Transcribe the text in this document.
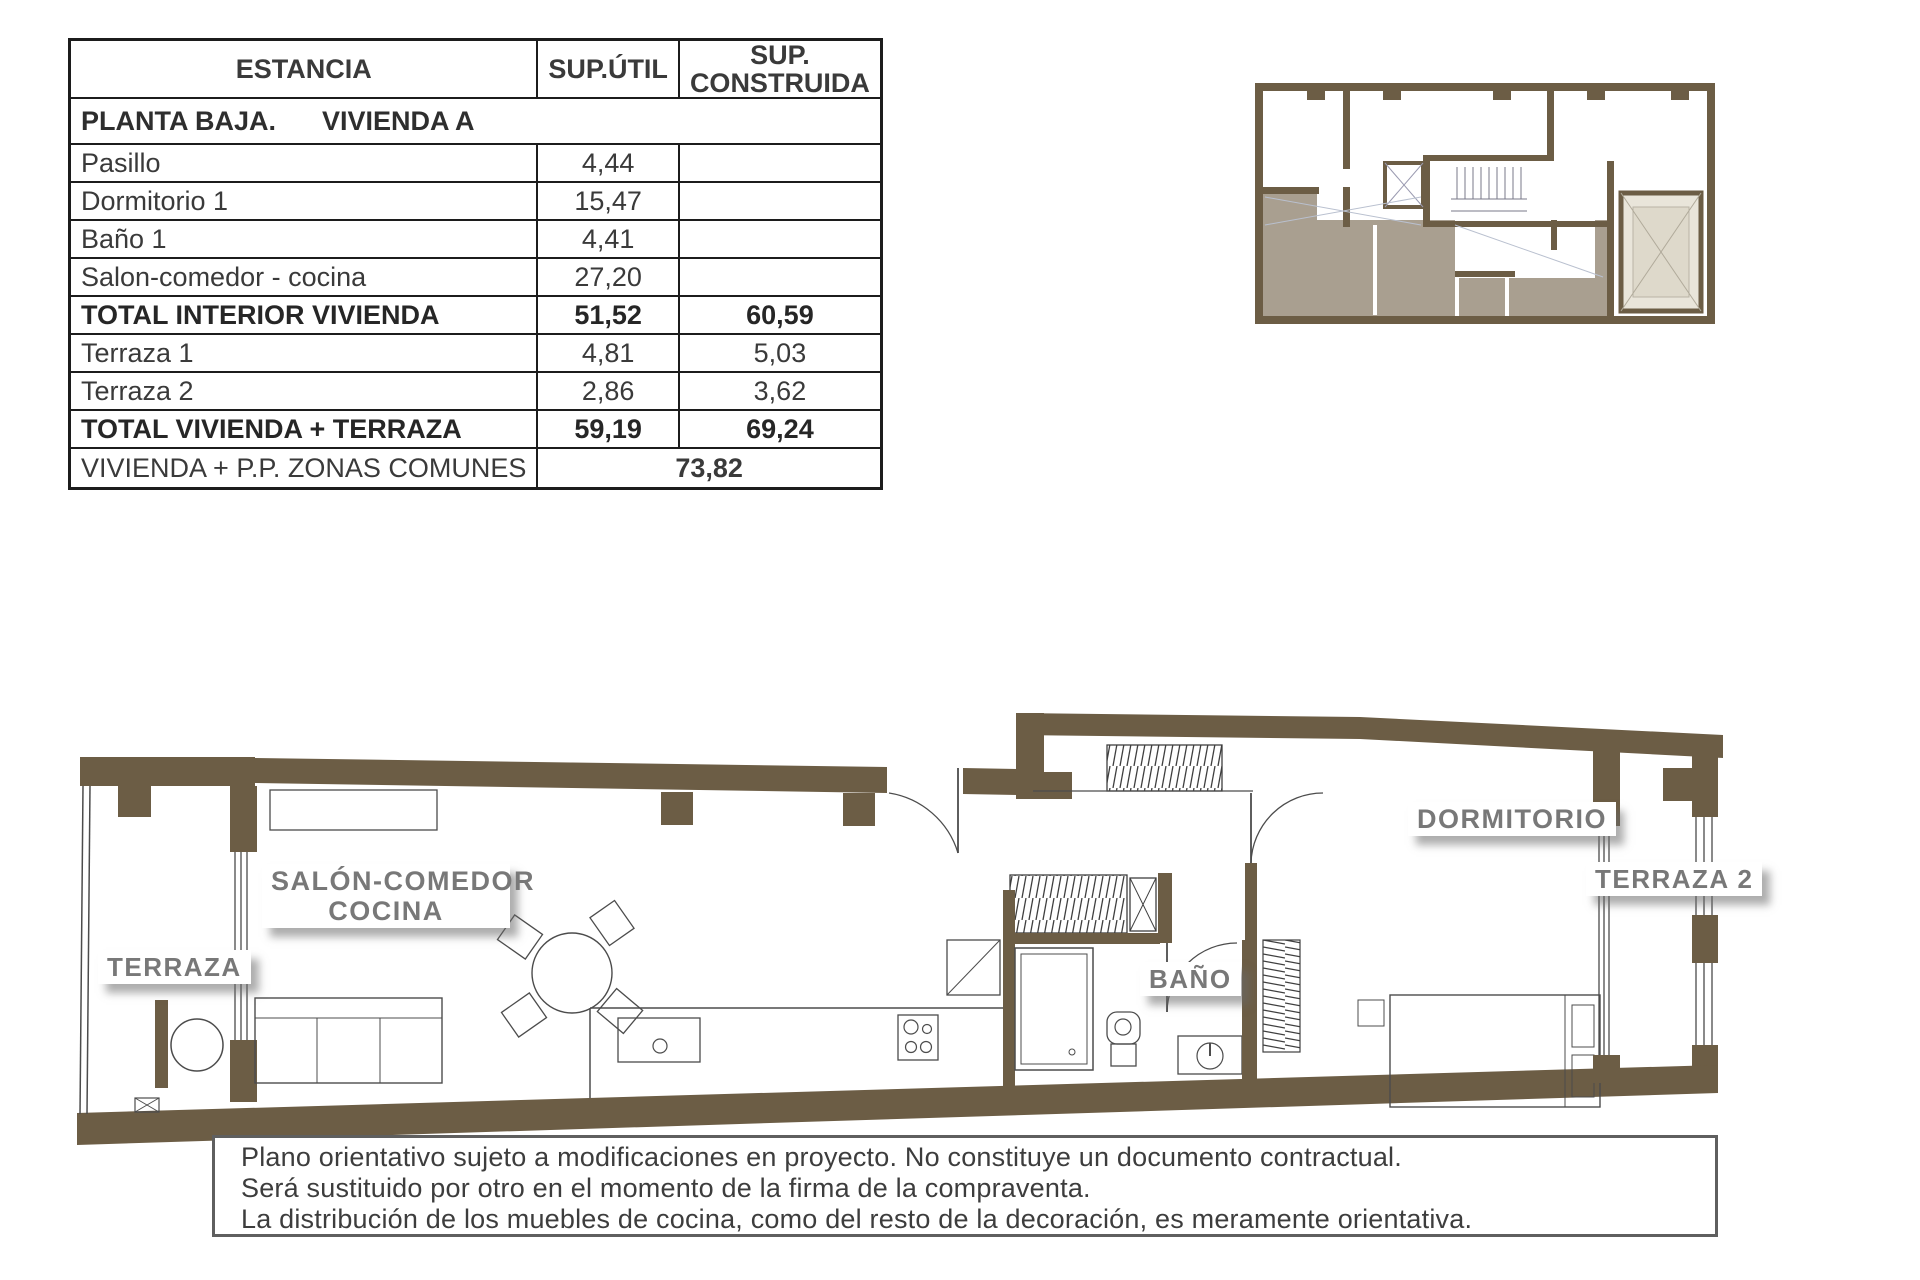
ESTANCIA	SUP.ÚTIL	SUP.
CONSTRUIDA
PLANTA BAJA. VIVIENDA A		
Pasillo	4,44	
Dormitorio 1	15,47	
Baño 1	4,41	
Salon-comedor - cocina	27,20	
TOTAL INTERIOR VIVIENDA	51,52	60,59
Terraza 1	4,81	5,03
Terraza 2	2,86	3,62
TOTAL VIVIENDA + TERRAZA	59,19	69,24
VIVIENDA + P.P. ZONAS COMUNES	73,82	
TERRAZA
SALÓN-COMEDOR
COCINA
BAÑO
DORMITORIO
TERRAZA 2
Plano orientativo sujeto a modificaciones en proyecto. No constituye un documento contractual.
Será sustituido por otro en el momento de la firma de la compraventa.
La distribución de los muebles de cocina, como del resto de la decoración, es meramente orientativa.
